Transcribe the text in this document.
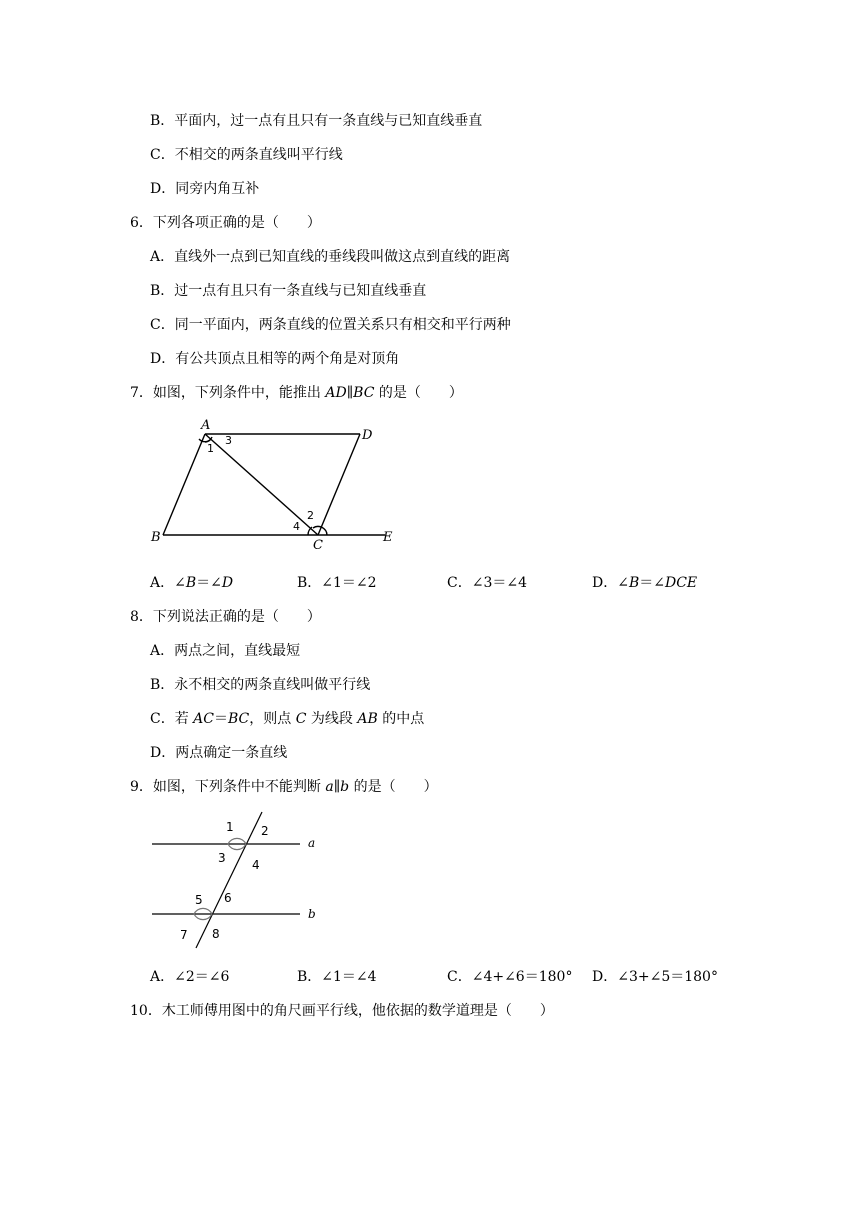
B．平面内，过一点有且只有一条直线与已知直线垂直
C．不相交的两条直线叫平行线
D．同旁内角互补
6．下列各项正确的是（　　）
A．直线外一点到已知直线的垂线段叫做这点到直线的距离
B．过一点有且只有一条直线与已知直线垂直
C．同一平面内，两条直线的位置关系只有相交和平行两种
D．有公共顶点且相等的两个角是对顶角
7．如图，下列条件中，能推出 AD∥BC 的是（　　）
A
D
B
C
E
1
3
2
4
A．∠B＝∠D	B．∠1＝∠2	C．∠3＝∠4	D．∠B＝∠DCE
8．下列说法正确的是（　　）
A．两点之间，直线最短
B．永不相交的两条直线叫做平行线
C．若 AC＝BC，则点 C 为线段 AB 的中点
D．两点确定一条直线
9．如图，下列条件中不能判断 a∥b 的是（　　）
a
b
1 2
3 4
5 6
7 8
A．∠2＝∠6	B．∠1＝∠4	C．∠4+∠6＝180° D．∠3+∠5＝180°
10．木工师傅用图中的角尺画平行线，他依据的数学道理是（　　）
